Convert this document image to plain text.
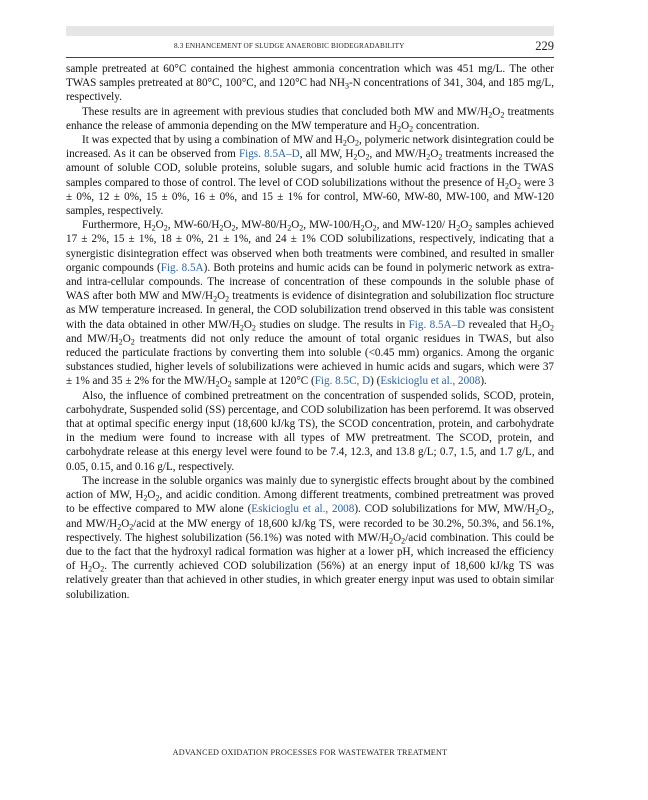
8.3 ENHANCEMENT OF SLUDGE ANAEROBIC BIODEGRADABILITY	229

sample pretreated at 60°C contained the highest ammonia concentration which was 451 mg/L. The other TWAS samples pretreated at 80°C, 100°C, and 120°C had $NH_3-N$ concentrations of 341, 304, and 185 mg/L, respectively.

These results are in agreement with previous studies that concluded both MW and $MW/H_2O_2$ treatments enhance the release of ammonia depending on the MW temperature and $H_2O_2$ concentration.

It was expected that by using a combination of MW and $H_2O_2$, polymeric network disintegration could be increased. As it can be observed from Figs. 8.5A–D, all MW, $H_2O_2$, and $MW/H_2O_2$ treatments increased the amount of soluble COD, soluble proteins, soluble sugars, and soluble humic acid fractions in the TWAS samples compared to those of control. The level of COD solubilizations without the presence of $H_2O_2$ were 3 ± 0%, 12 ± 0%, 15 ± 0%, 16 ± 0%, and 15 ± 1% for control, MW-60, MW-80, MW-100, and MW-120 samples, respectively.

Furthermore, $H_2O_2$, $MW-60/H_2O_2$, $MW-80/H_2O_2$, $MW-100/H_2O_2$, and MW-120/ $H_2O_2$ samples achieved 17 ± 2%, 15 ± 1%, 18 ± 0%, 21 ± 1%, and 24 ± 1% COD solubilizations, respectively, indicating that a synergistic disintegration effect was observed when both treatments were combined, and resulted in smaller organic compounds (Fig. 8.5A). Both proteins and humic acids can be found in polymeric network as extra- and intra-cellular compounds. The increase of concentration of these compounds in the soluble phase of WAS after both MW and $MW/H_2O_2$ treatments is evidence of disintegration and solubilization floc structure as MW temperature increased. In general, the COD solubilization trend observed in this table was consistent with the data obtained in other $MW/H_2O_2$ studies on sludge. The results in Fig. 8.5A–D revealed that $H_2O_2$ and $MW/H_2O_2$ treatments did not only reduce the amount of total organic residues in TWAS, but also reduced the particulate fractions by converting them into soluble (<0.45 mm) organics. Among the organic substances studied, higher levels of solubilizations were achieved in humic acids and sugars, which were 37 ± 1% and 35 ± 2% for the $MW/H_2O_2$ sample at 120°C (Fig. 8.5C, D) (Eskicioglu et al., 2008).

Also, the influence of combined pretreatment on the concentration of suspended solids, SCOD, protein, carbohydrate, Suspended solid (SS) percentage, and COD solubilization has been perforemd. It was observed that at optimal specific energy input (18,600 kJ/kg TS), the SCOD concentration, protein, and carbohydrate in the medium were found to increase with all types of MW pretreatment. The SCOD, protein, and carbohydrate release at this energy level were found to be 7.4, 12.3, and 13.8 g/L; 0.7, 1.5, and 1.7 g/L, and 0.05, 0.15, and 0.16 g/L, respectively.

The increase in the soluble organics was mainly due to synergistic effects brought about by the combined action of MW, $H_2O_2$, and acidic condition. Among different treatments, combined pretreatment was proved to be effective compared to MW alone (Eskicioglu et al., 2008). COD solubilizations for MW, $MW/H_2O_2$, and $MW/H_2O_2$/acid at the MW energy of 18,600 kJ/kg TS, were recorded to be 30.2%, 50.3%, and 56.1%, respectively. The highest solubilization (56.1%) was noted with $MW/H_2O_2$/acid combination. This could be due to the fact that the hydroxyl radical formation was higher at a lower pH, which increased the efficiency of $H_2O_2$. The currently achieved COD solubilization (56%) at an energy input of 18,600 kJ/kg TS was relatively greater than that achieved in other studies, in which greater energy input was used to obtain similar solubilization.

ADVANCED OXIDATION PROCESSES FOR WASTEWATER TREATMENT
